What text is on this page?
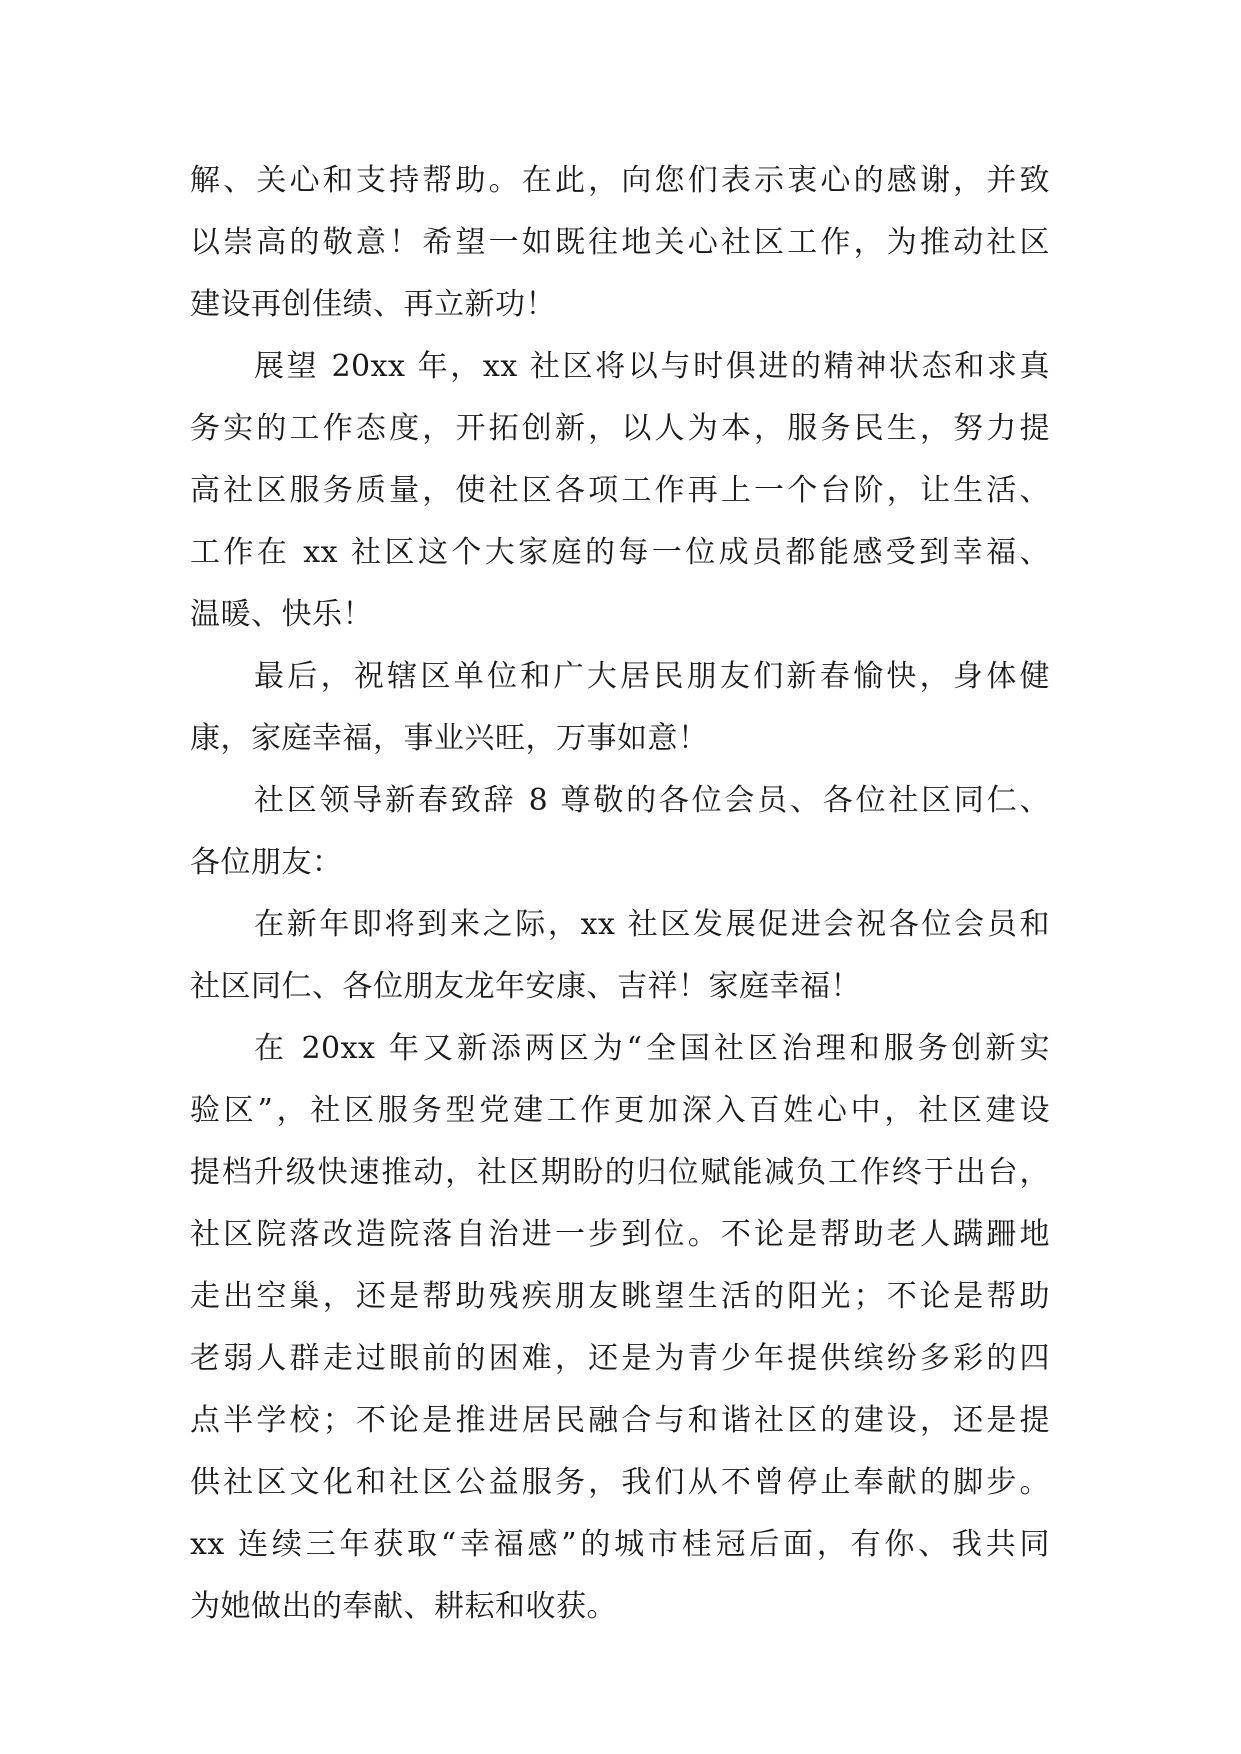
解、关心和支持帮助。在此，向您们表示衷心的感谢，并致
以崇高的敬意！希望一如既往地关心社区工作，为推动社区
建设再创佳绩、再立新功！
展望 20xx 年，xx 社区将以与时俱进的精神状态和求真
务实的工作态度，开拓创新，以人为本，服务民生，努力提
高社区服务质量，使社区各项工作再上一个台阶，让生活、
工作在 xx 社区这个大家庭的每一位成员都能感受到幸福、
温暖、快乐！
最后，祝辖区单位和广大居民朋友们新春愉快，身体健
康，家庭幸福，事业兴旺，万事如意！
社区领导新春致辞 8 尊敬的各位会员、各位社区同仁、
各位朋友：
在新年即将到来之际，xx 社区发展促进会祝各位会员和
社区同仁、各位朋友龙年安康、吉祥！家庭幸福！
在 20xx 年又新添两区为“全国社区治理和服务创新实
验区”，社区服务型党建工作更加深入百姓心中，社区建设
提档升级快速推动，社区期盼的归位赋能减负工作终于出台，
社区院落改造院落自治进一步到位。不论是帮助老人蹒跚地
走出空巢，还是帮助残疾朋友眺望生活的阳光；不论是帮助
老弱人群走过眼前的困难，还是为青少年提供缤纷多彩的四
点半学校；不论是推进居民融合与和谐社区的建设，还是提
供社区文化和社区公益服务，我们从不曾停止奉献的脚步。
xx 连续三年获取“幸福感”的城市桂冠后面，有你、我共同
为她做出的奉献、耕耘和收获。
